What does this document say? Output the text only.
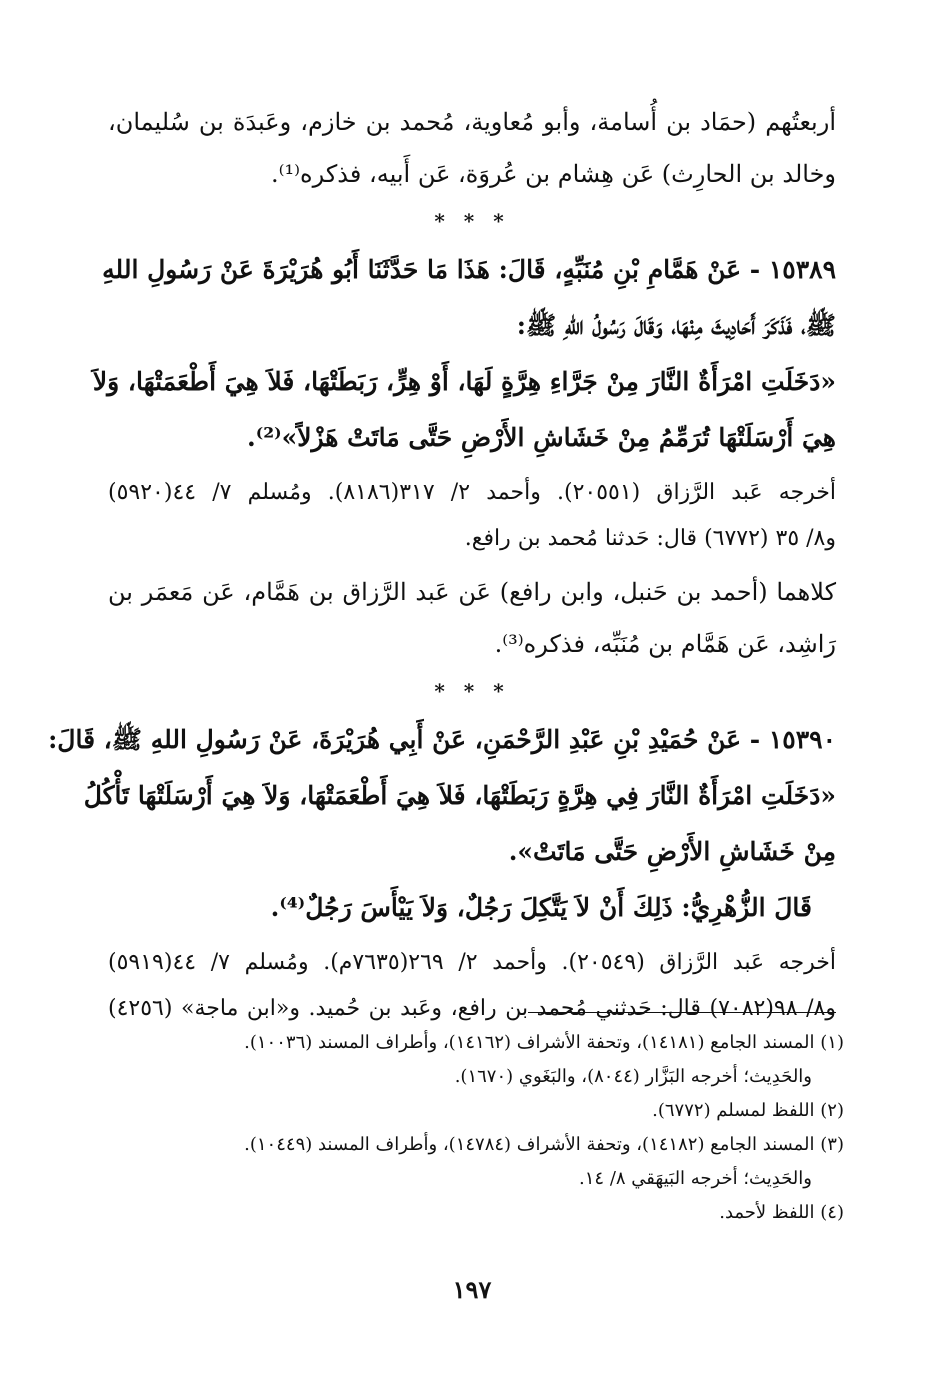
أربعتُهم (حمَاد بن أُسامة، وأبو مُعاوية، مُحمد بن خازم، وعَبدَة بن سُليمان،
وخالد بن الحارِث) عَن هِشام بن عُروَة، عَن أَبيه، فذكره⁽¹⁾.
* * *
١٥٣٨٩ - عَنْ هَمَّامِ بْنِ مُنَبِّهٍ، قَالَ: هَذَا مَا حَدَّثَنَا أَبُو هُرَيْرَةَ عَنْ رَسُولِ اللهِ
ﷺ، فَذَكَرَ أَحَادِيثَ مِنْهَا، وَقَالَ رَسُولُ اللهِ ﷺ:
«دَخَلَتِ امْرَأَةٌ النَّارَ مِنْ جَرَّاءِ هِرَّةٍ لَهَا، أَوْ هِرٍّ، رَبَطَتْهَا، فَلاَ هِيَ أَطْعَمَتْهَا، وَلاَ
هِيَ أَرْسَلَتْهَا تُرَمِّمُ مِنْ خَشَاشِ الأَرْضِ حَتَّى مَاتَتْ هَزْلاً»⁽²⁾.
أخرجه عَبد الرَّزاق (٢٠٥٥١). وأحمد ٢/ ٣١٧(٨١٨٦). ومُسلم ٧/ ٤٤(٥٩٢٠)
و٨/ ٣٥ (٦٧٧٢) قال: حَدثنا مُحمد بن رافع.
كلاهما (أحمد بن حَنبل، وابن رافع) عَن عَبد الرَّزاق بن هَمَّام، عَن مَعمَر بن
رَاشِد، عَن هَمَّام بن مُنَبِّه، فذكره⁽³⁾.
* * *
١٥٣٩٠ - عَنْ حُمَيْدِ بْنِ عَبْدِ الرَّحْمَنِ، عَنْ أَبِي هُرَيْرَةَ، عَنْ رَسُولِ اللهِ ﷺ، قَالَ:
«دَخَلَتِ امْرَأَةٌ النَّارَ فِي هِرَّةٍ رَبَطَتْهَا، فَلاَ هِيَ أَطْعَمَتْهَا، وَلاَ هِيَ أَرْسَلَتْهَا تَأْكُلُ
مِنْ خَشَاشِ الأَرْضِ حَتَّى مَاتَتْ».
قَالَ الزُّهْرِيُّ: ذَلِكَ أَنْ لاَ يَتَّكِلَ رَجُلٌ، وَلاَ يَيْأَسَ رَجُلٌ⁽⁴⁾.
أخرجه عَبد الرَّزاق (٢٠٥٤٩). وأحمد ٢/ ٢٦٩(٧٦٣٥م). ومُسلم ٧/ ٤٤(٥٩١٩)
و٨/ ٩٨(٧٠٨٢) قال: حَدثني مُحمد بن رافع، وعَبد بن حُميد. و«ابن ماجة» (٤٢٥٦)
(١) المسند الجامع (١٤١٨١)، وتحفة الأشراف (١٤١٦٢)، وأطراف المسند (١٠٠٣٦).
والحَدِيث؛ أخرجه البَزَّار (٨٠٤٤)، والبَغَوي (١٦٧٠).
(٢) اللفظ لمسلم (٦٧٧٢).
(٣) المسند الجامع (١٤١٨٢)، وتحفة الأشراف (١٤٧٨٤)، وأطراف المسند (١٠٤٤٩).
والحَدِيث؛ أخرجه البَيهَقي ٨/ ١٤.
(٤) اللفظ لأحمد.
١٩٧
